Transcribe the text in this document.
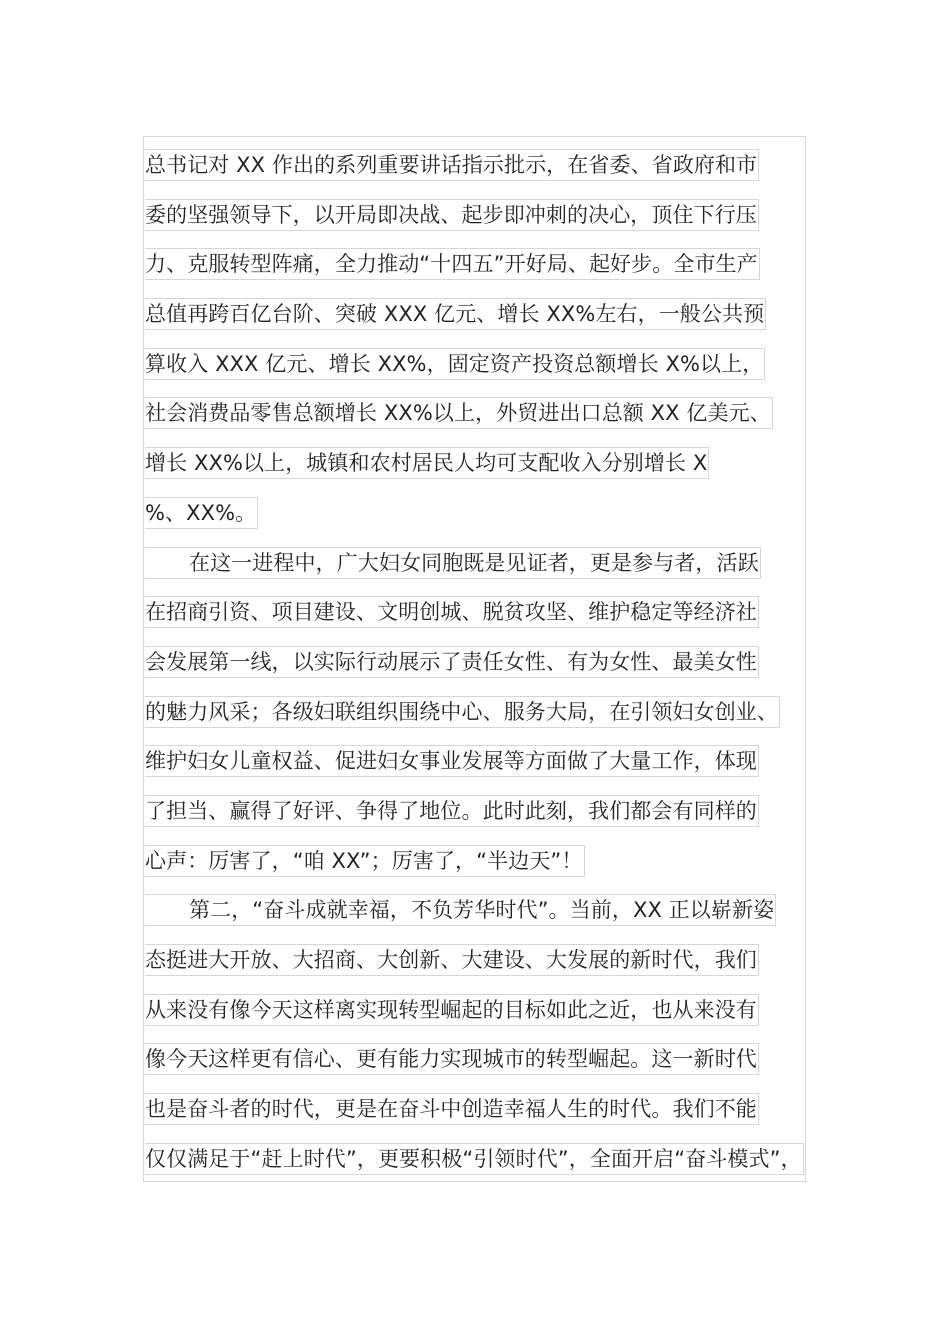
总书记对 XX 作出的系列重要讲话指示批示，在省委、省政府和市
委的坚强领导下，以开局即决战、起步即冲刺的决心，顶住下行压
力、克服转型阵痛，全力推动“十四五”开好局、起好步。全市生产
总值再跨百亿台阶、突破 XXX 亿元、增长 XX%左右，一般公共预
算收入 XXX 亿元、增长 XX%，固定资产投资总额增长 X%以上，
社会消费品零售总额增长 XX%以上，外贸进出口总额 XX 亿美元、
增长 XX%以上，城镇和农村居民人均可支配收入分别增长 X
%、XX%。
在这一进程中，广大妇女同胞既是见证者，更是参与者，活跃
在招商引资、项目建设、文明创城、脱贫攻坚、维护稳定等经济社
会发展第一线，以实际行动展示了责任女性、有为女性、最美女性
的魅力风采；各级妇联组织围绕中心、服务大局，在引领妇女创业、
维护妇女儿童权益、促进妇女事业发展等方面做了大量工作，体现
了担当、赢得了好评、争得了地位。此时此刻，我们都会有同样的
心声：厉害了，“咱 XX”；厉害了，“半边天”！
第二，“奋斗成就幸福，不负芳华时代”。当前，XX 正以崭新姿
态挺进大开放、大招商、大创新、大建设、大发展的新时代，我们
从来没有像今天这样离实现转型崛起的目标如此之近，也从来没有
像今天这样更有信心、更有能力实现城市的转型崛起。这一新时代
也是奋斗者的时代，更是在奋斗中创造幸福人生的时代。我们不能
仅仅满足于“赶上时代”，更要积极“引领时代”，全面开启“奋斗模式”，
